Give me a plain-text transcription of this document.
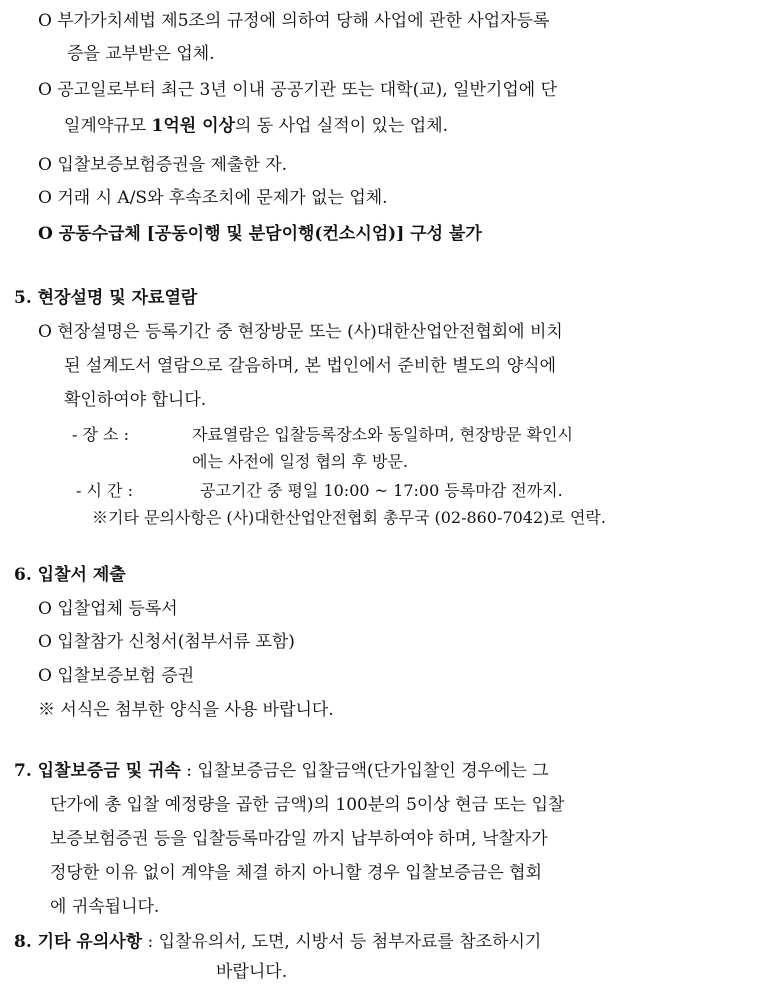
O 부가가치세법 제5조의 규정에 의하여 당해 사업에 관한 사업자등록
증을 교부받은 업체.
O 공고일로부터 최근 3년 이내 공공기관 또는 대학(교), 일반기업에 단
일계약규모 1억원 이상의 동 사업 실적이 있는 업체.
O 입찰보증보험증권을 제출한 자.
O 거래 시 A/S와 후속조치에 문제가 없는 업체.
O 공동수급체 [공동이행 및 분담이행(컨소시엄)] 구성 불가
5. 현장설명 및 자료열람
O 현장설명은 등록기간 중 현장방문 또는 (사)대한산업안전협회에 비치
된 설계도서 열람으로 갈음하며, 본 법인에서 준비한 별도의 양식에
확인하여야 합니다.
- 장 소 :	자료열람은 입찰등록장소와 동일하며, 현장방문 확인시
에는 사전에 일정 협의 후 방문.
- 시 간 :	공고기간 중 평일 10:00 ~ 17:00 등록마감 전까지.
※기타 문의사항은 (사)대한산업안전협회 총무국 (02-860-7042)로 연락.
6. 입찰서 제출
O 입찰업체 등록서
O 입찰참가 신청서(첨부서류 포함)
O 입찰보증보험 증권
※ 서식은 첨부한 양식을 사용 바랍니다.
7. 입찰보증금 및 귀속 : 입찰보증금은 입찰금액(단가입찰인 경우에는 그
단가에 총 입찰 예정량을 곱한 금액)의 100분의 5이상 현금 또는 입찰
보증보험증권 등을 입찰등록마감일 까지 납부하여야 하며, 낙찰자가
정당한 이유 없이 계약을 체결 하지 아니할 경우 입찰보증금은 협회
에 귀속됩니다.
8. 기타 유의사항 : 입찰유의서, 도면, 시방서 등 첨부자료를 참조하시기
바랍니다.
